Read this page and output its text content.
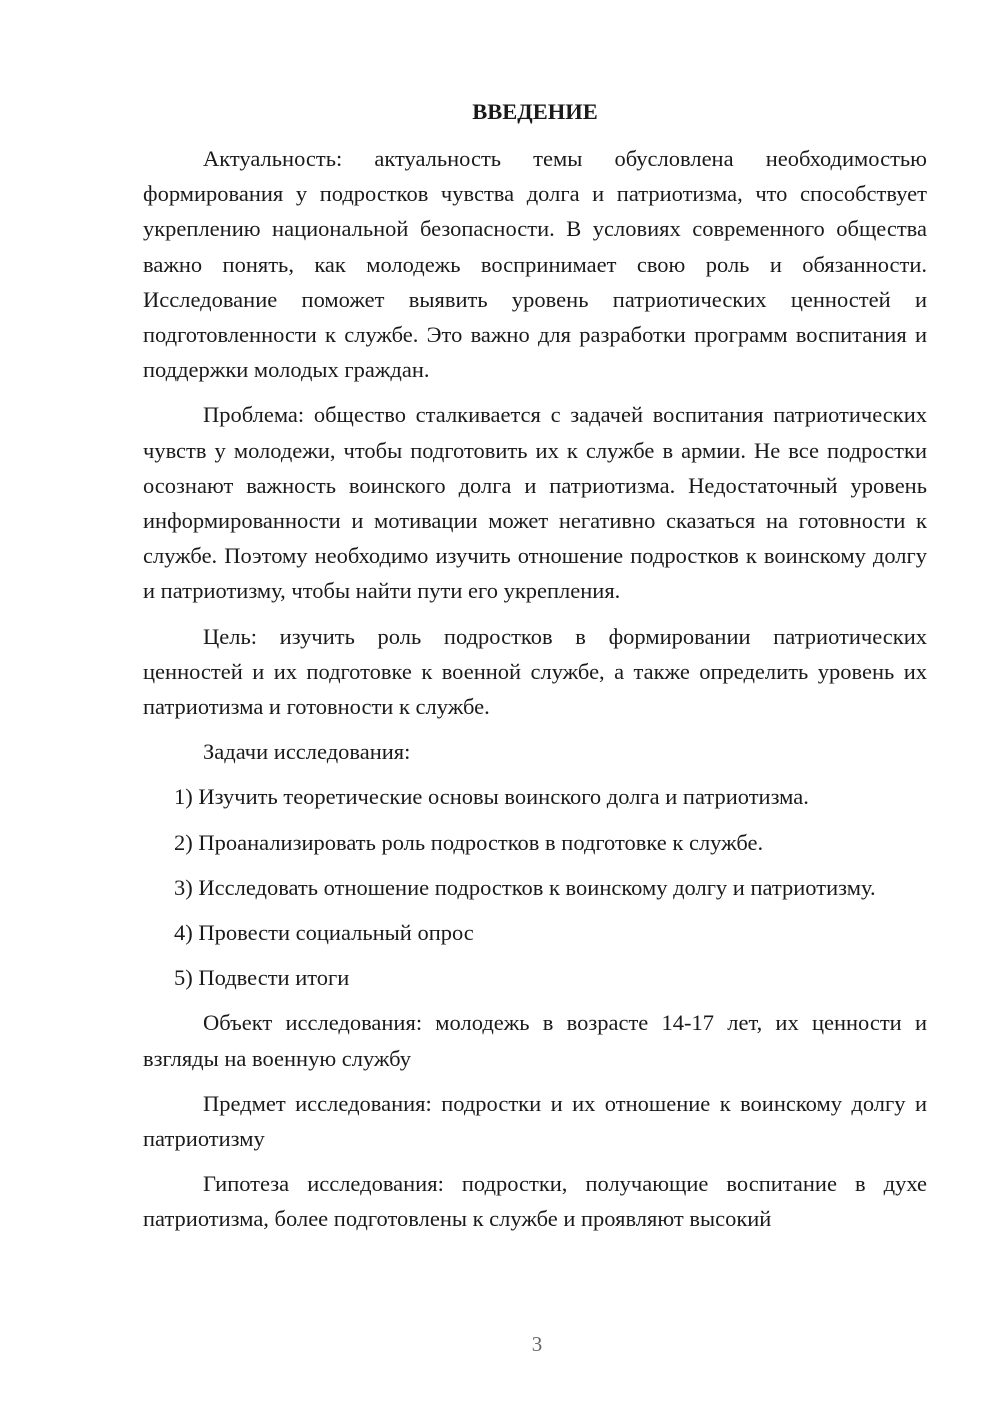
ВВЕДЕНИЕ

Актуальность: актуальность темы обусловлена необходимостью формирования у подростков чувства долга и патриотизма, что способствует укреплению национальной безопасности. В условиях современного общества важно понять, как молодежь воспринимает свою роль и обязанности. Исследование поможет выявить уровень патриотических ценностей и подготовленности к службе. Это важно для разработки программ воспитания и поддержки молодых граждан.

Проблема: общество сталкивается с задачей воспитания патриотических чувств у молодежи, чтобы подготовить их к службе в армии. Не все подростки осознают важность воинского долга и патриотизма. Недостаточный уровень информированности и мотивации может негативно сказаться на готовности к службе. Поэтому необходимо изучить отношение подростков к воинскому долгу и патриотизму, чтобы найти пути его укрепления.

Цель: изучить роль подростков в формировании патриотических ценностей и их подготовке к военной службе, а также определить уровень их патриотизма и готовности к службе.

Задачи исследования:

1) Изучить теоретические основы воинского долга и патриотизма.

2) Проанализировать роль подростков в подготовке к службе.

3) Исследовать отношение подростков к воинскому долгу и патриотизму.

4) Провести социальный опрос

5) Подвести итоги

Объект исследования: молодежь в возрасте 14-17 лет, их ценности и взгляды на военную службу

Предмет исследования: подростки и их отношение к воинскому долгу и патриотизму

Гипотеза исследования: подростки, получающие воспитание в духе патриотизма, более подготовлены к службе и проявляют высокий

3
